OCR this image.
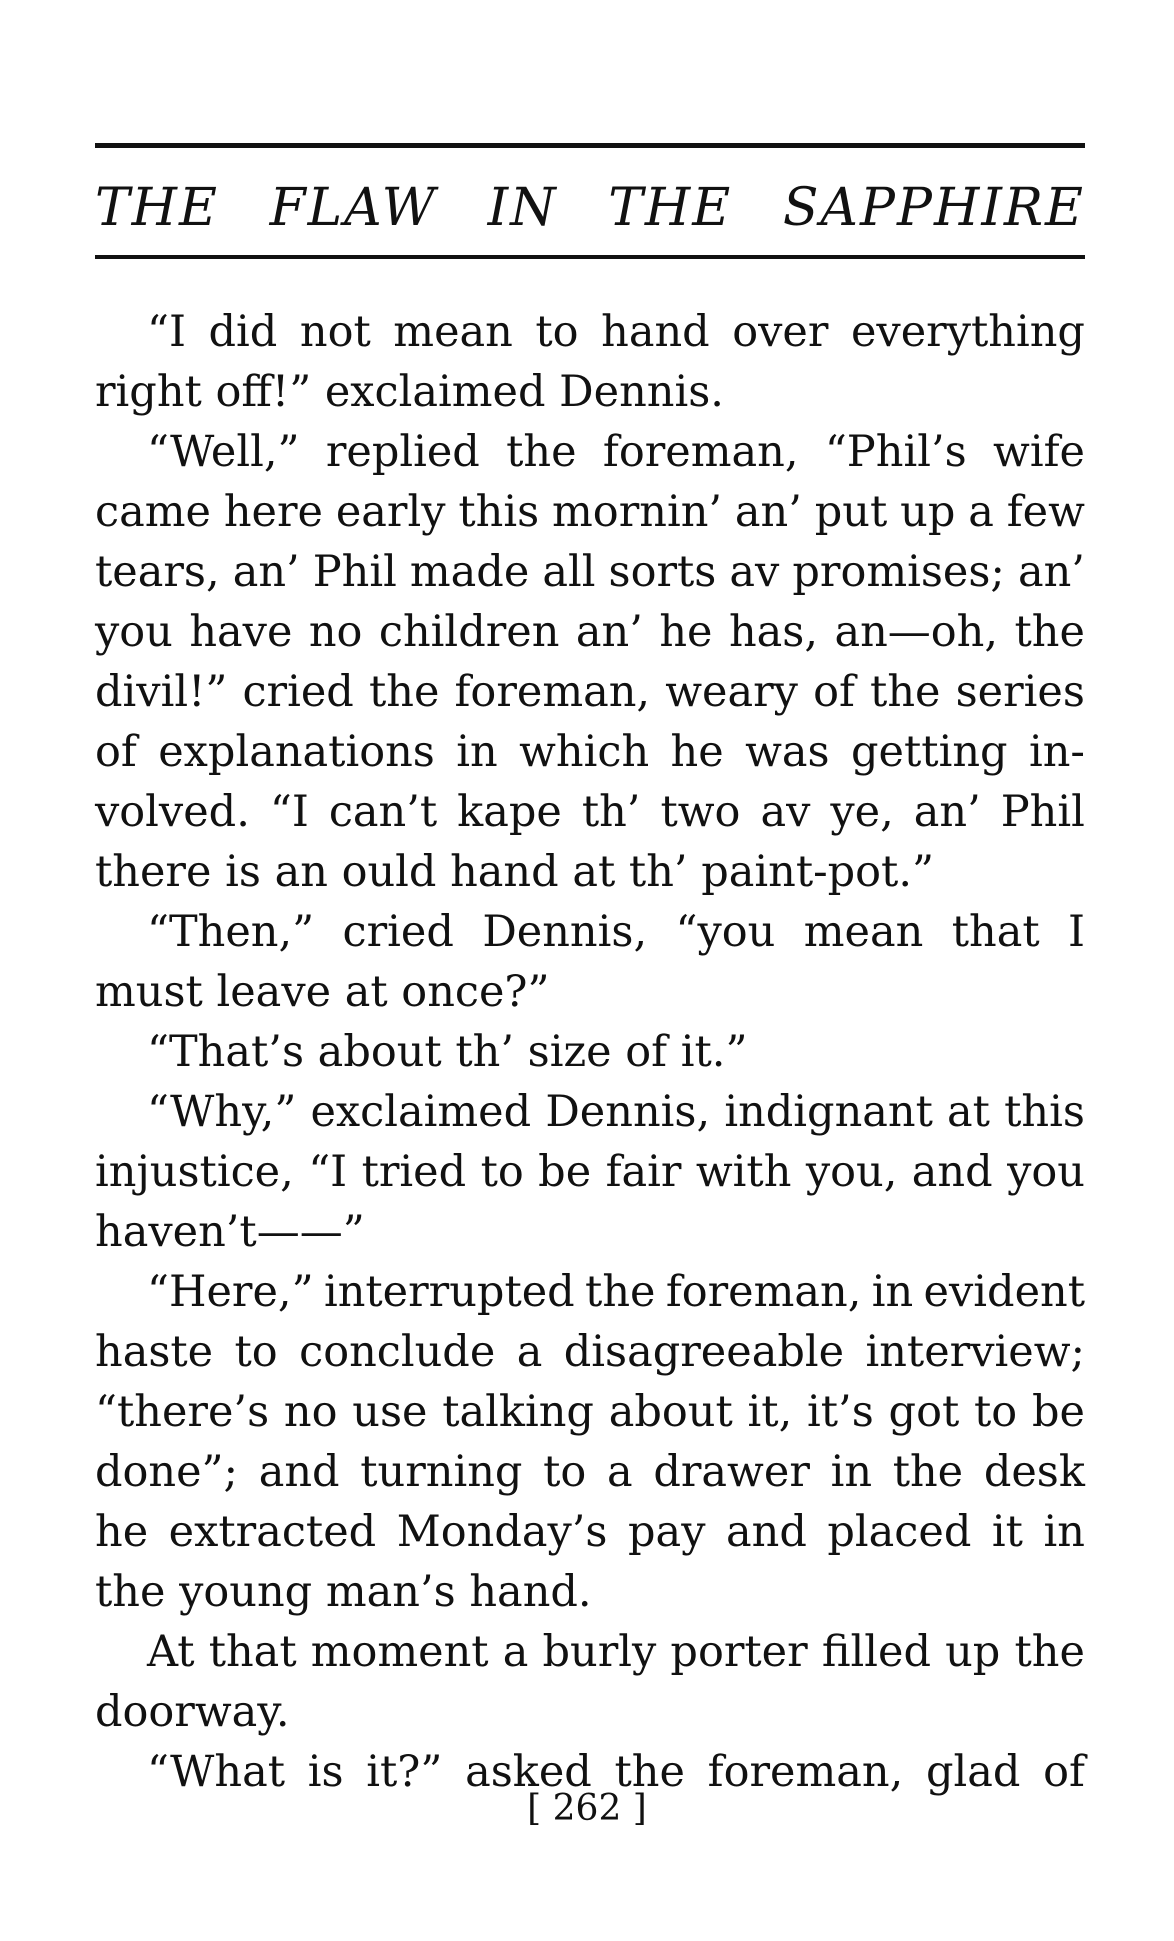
THE FLAW IN THE SAPPHIRE
“I did not mean to hand over everything
right off!” exclaimed Dennis.
“Well,” replied the foreman, “Phil’s wife
came here early this mornin’ an’ put up a few
tears, an’ Phil made all sorts av promises; an’
you have no children an’ he has, an—oh, the
divil!” cried the foreman, weary of the series
of explanations in which he was getting in-
volved. “I can’t kape th’ two av ye, an’ Phil
there is an ould hand at th’ paint-pot.”
“Then,” cried Dennis, “you mean that I
must leave at once?”
“That’s about th’ size of it.”
“Why,” exclaimed Dennis, indignant at this
injustice, “I tried to be fair with you, and you
haven’t——”
“Here,” interrupted the foreman, in evident
haste to conclude a disagreeable interview;
“there’s no use talking about it, it’s got to be
done”; and turning to a drawer in the desk
he extracted Monday’s pay and placed it in
the young man’s hand.
At that moment a burly porter filled up the
doorway.
“What is it?” asked the foreman, glad of
[ 262 ]
